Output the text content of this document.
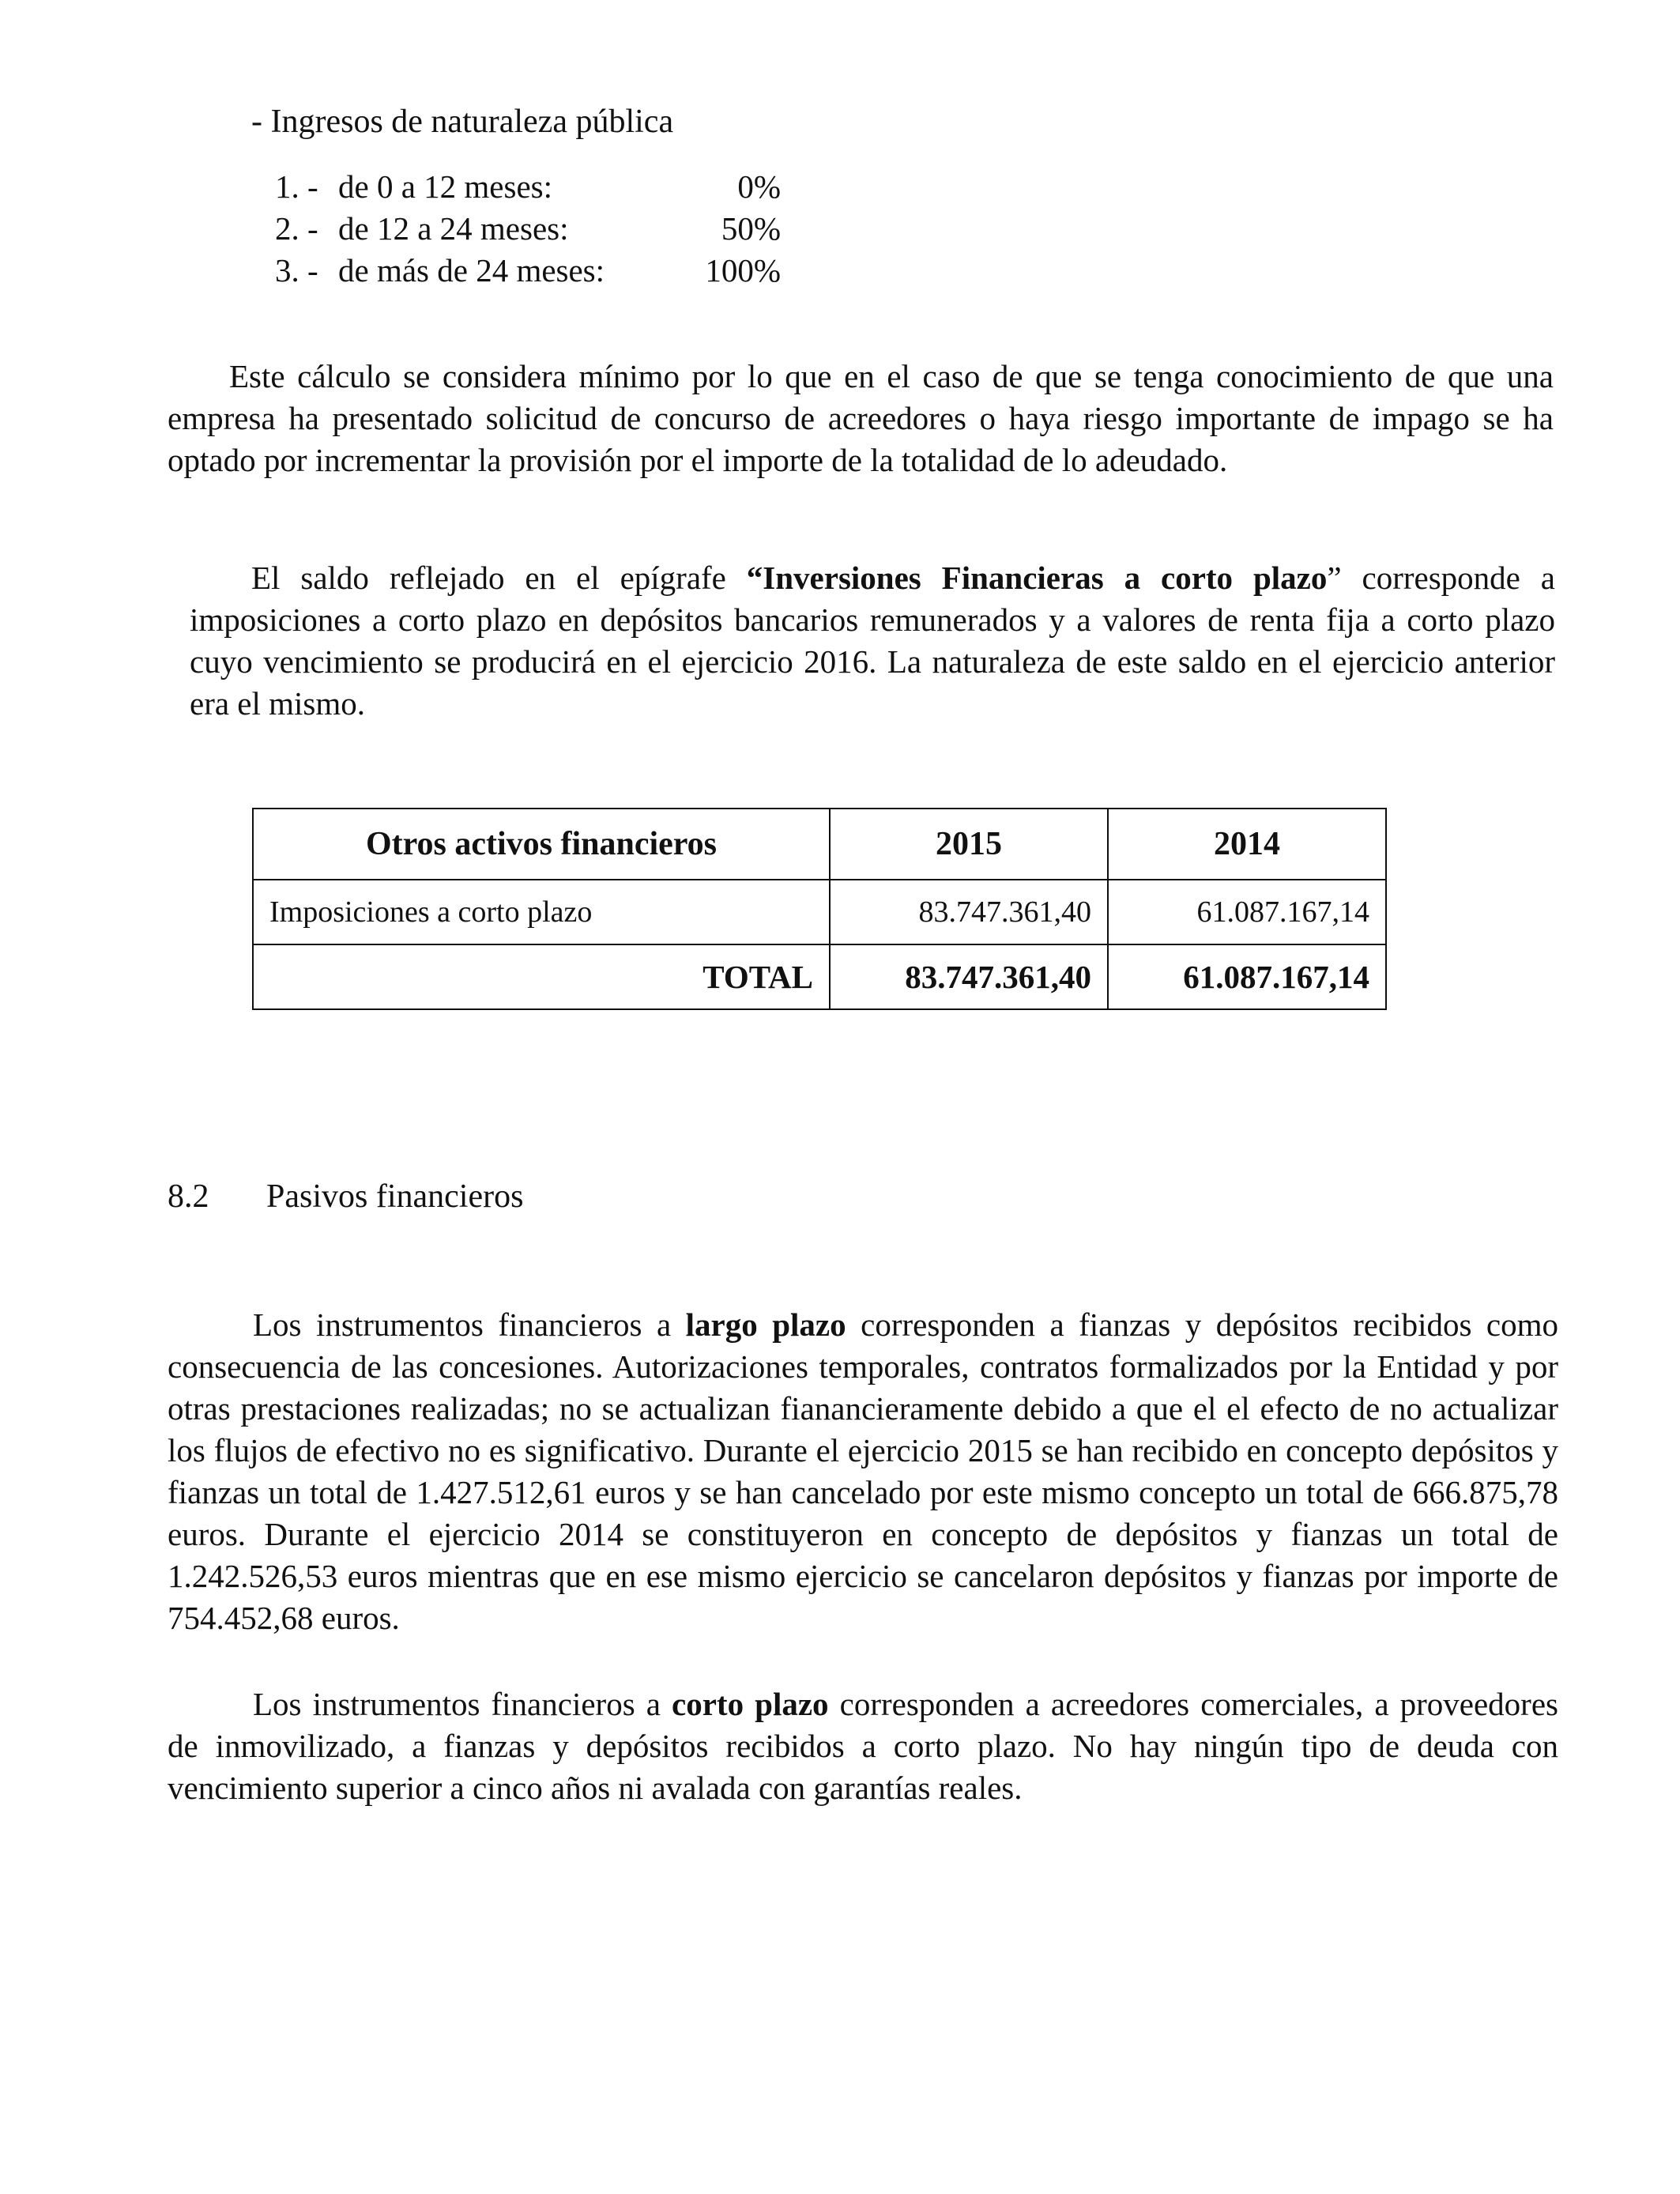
- Ingresos de naturaleza pública
1. - de 0 a 12 meses:	0%
2. - de 12 a 24 meses:	50%
3. - de más de 24 meses:	100%

Este cálculo se considera mínimo por lo que en el caso de que se tenga conocimiento de que una empresa ha presentado solicitud de concurso de acreedores o haya riesgo importante de impago se ha optado por incrementar la provisión por el importe de la totalidad de lo adeudado.

El saldo reflejado en el epígrafe “Inversiones Financieras a corto plazo” corresponde a imposiciones a corto plazo en depósitos bancarios remunerados y a valores de renta fija a corto plazo cuyo vencimiento se producirá en el ejercicio 2016. La naturaleza de este saldo en el ejercicio anterior era el mismo.

Otros activos financieros	2015	2014
Imposiciones a corto plazo	83.747.361,40	61.087.167,14
TOTAL	83.747.361,40	61.087.167,14
8.2 Pasivos financieros

Los instrumentos financieros a largo plazo corresponden a fianzas y depósitos recibidos como consecuencia de las concesiones. Autorizaciones temporales, contratos formalizados por la Entidad y por otras prestaciones realizadas; no se actualizan fianancieramente debido a que el el efecto de no actualizar los flujos de efectivo no es significativo. Durante el ejercicio 2015 se han recibido en concepto depósitos y fianzas un total de 1.427.512,61 euros y se han cancelado por este mismo concepto un total de 666.875,78 euros. Durante el ejercicio 2014 se constituyeron en concepto de depósitos y fianzas un total de 1.242.526,53 euros mientras que en ese mismo ejercicio se cancelaron depósitos y fianzas por importe de 754.452,68 euros.

Los instrumentos financieros a corto plazo corresponden a acreedores comerciales, a proveedores de inmovilizado, a fianzas y depósitos recibidos a corto plazo. No hay ningún tipo de deuda con vencimiento superior a cinco años ni avalada con garantías reales.
